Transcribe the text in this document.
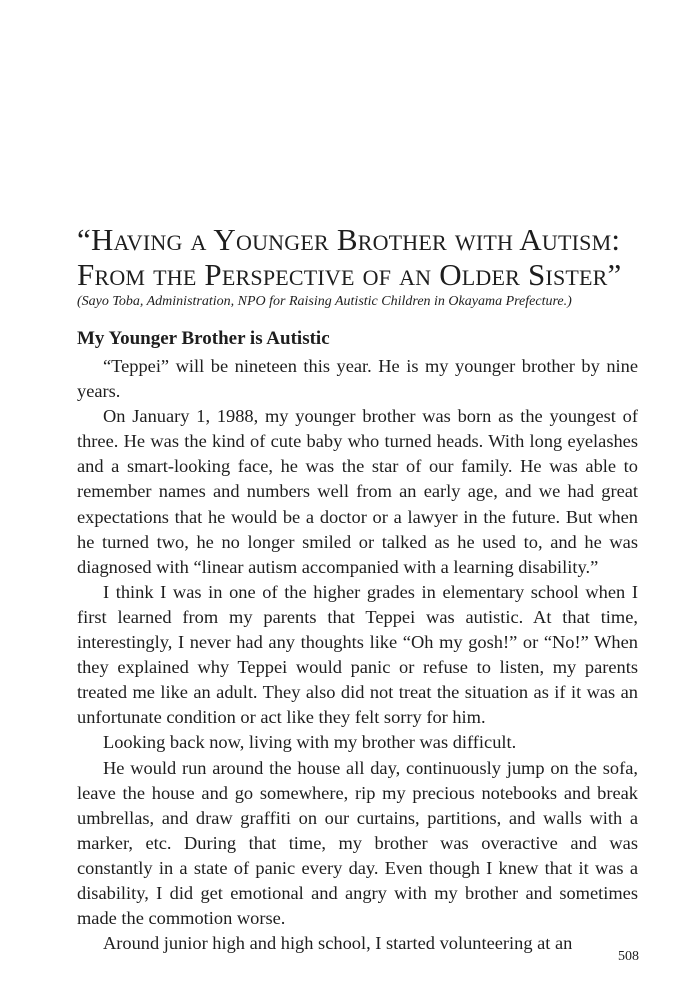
“Having a Younger Brother with Autism:
From the Perspective of an Older Sister”

(Sayo Toba, Administration, NPO for Raising Autistic Children in Okayama Prefecture.)

My Younger Brother is Autistic

“Teppei” will be nineteen this year. He is my younger brother by nine years.

On January 1, 1988, my younger brother was born as the youngest of three. He was the kind of cute baby who turned heads. With long eyelashes and a smart-looking face, he was the star of our family. He was able to remember names and numbers well from an early age, and we had great expectations that he would be a doctor or a lawyer in the future. But when he turned two, he no longer smiled or talked as he used to, and he was diagnosed with “linear autism accompanied with a learning disability.”

I think I was in one of the higher grades in elementary school when I first learned from my parents that Teppei was autistic. At that time, interestingly, I never had any thoughts like “Oh my gosh!” or “No!” When they explained why Teppei would panic or refuse to listen, my parents treated me like an adult. They also did not treat the situation as if it was an unfortunate condition or act like they felt sorry for him.

Looking back now, living with my brother was difficult.

He would run around the house all day, continuously jump on the sofa, leave the house and go somewhere, rip my precious notebooks and break umbrellas, and draw graffiti on our curtains, partitions, and walls with a marker, etc. During that time, my brother was overactive and was constantly in a state of panic every day. Even though I knew that it was a disability, I did get emotional and angry with my brother and sometimes made the commotion worse.

Around junior high and high school, I started volunteering at an

508
